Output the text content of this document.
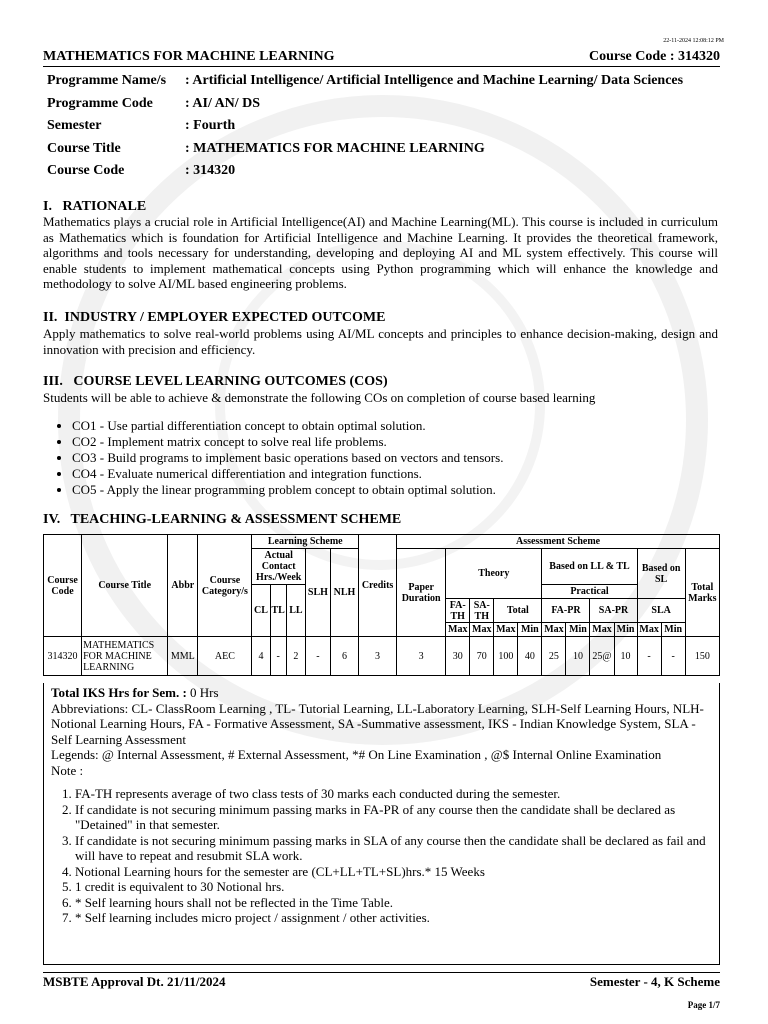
22-11-2024 12:08:12 PM
MATHEMATICS FOR MACHINE LEARNING	Course Code : 314320
Programme Name/s	: Artificial Intelligence/ Artificial Intelligence and Machine Learning/ Data Sciences
Programme Code	: AI/ AN/ DS
Semester	: Fourth
Course Title	: MATHEMATICS FOR MACHINE LEARNING
Course Code	: 314320
I.   RATIONALE
Mathematics plays a crucial role in Artificial Intelligence(AI) and Machine Learning(ML). This course is included in curriculum as Mathematics which is foundation for Artificial Intelligence and Machine Learning. It provides the theoretical framework, algorithms and tools necessary for understanding, developing and deploying AI and ML system effectively. This course will enable students to implement mathematical concepts using Python programming which will enhance the knowledge and methodology to solve AI/ML based engineering problems.
II.  INDUSTRY / EMPLOYER EXPECTED OUTCOME
Apply mathematics to solve real-world problems using AI/ML concepts and principles to enhance decision-making, design and innovation with precision and efficiency.
III.   COURSE LEVEL LEARNING OUTCOMES (COS)
Students will be able to achieve & demonstrate the following COs on completion of course based learning
• CO1 - Use partial differentiation concept to obtain optimal solution.
• CO2 - Implement matrix concept to solve real life problems.
• CO3 - Build programs to implement basic operations based on vectors and tensors.
• CO4 - Evaluate numerical differentiation and integration functions.
• CO5 - Apply the linear programming problem concept to obtain optimal solution.
IV.   TEACHING-LEARNING & ASSESSMENT SCHEME
Course Code	Course Title	Abbr	Course Category/s	Learning Scheme					Credits	Assessment Scheme											
				Actual Contact Hrs./Week			SLH	NLH		Paper Duration	Theory				Based on LL & TL				Based on SL		Total Marks

				CL	TL	LL									Practical						
											FA-TH	SA-TH	Total		FA-PR		SA-PR		SLA		
											Max	Max	Max	Min	Max	Min	Max	Min	Max	Min	
314320	MATHEMATICS FOR MACHINE LEARNING	MML	AEC	4	-	2	-	6	3	3	30	70	100	40	25	10	25@	10	-	-	150
Total IKS Hrs for Sem. : 0 Hrs
Abbreviations: CL- ClassRoom Learning , TL- Tutorial Learning, LL-Laboratory Learning, SLH-Self Learning Hours, NLH-Notional Learning Hours, FA - Formative Assessment, SA -Summative assessment, IKS - Indian Knowledge System, SLA - Self Learning Assessment
Legends: @ Internal Assessment, # External Assessment, *# On Line Examination , @$ Internal Online Examination
Note :
1. FA-TH represents average of two class tests of 30 marks each conducted during the semester.
2. If candidate is not securing minimum passing marks in FA-PR of any course then the candidate shall be declared as "Detained" in that semester.
3. If candidate is not securing minimum passing marks in SLA of any course then the candidate shall be declared as fail and will have to repeat and resubmit SLA work.
4. Notional Learning hours for the semester are (CL+LL+TL+SL)hrs.* 15 Weeks
5. 1 credit is equivalent to 30 Notional hrs.
6. * Self learning hours shall not be reflected in the Time Table.
7. * Self learning includes micro project / assignment / other activities.
MSBTE Approval Dt. 21/11/2024	Semester - 4, K Scheme
Page 1/7
